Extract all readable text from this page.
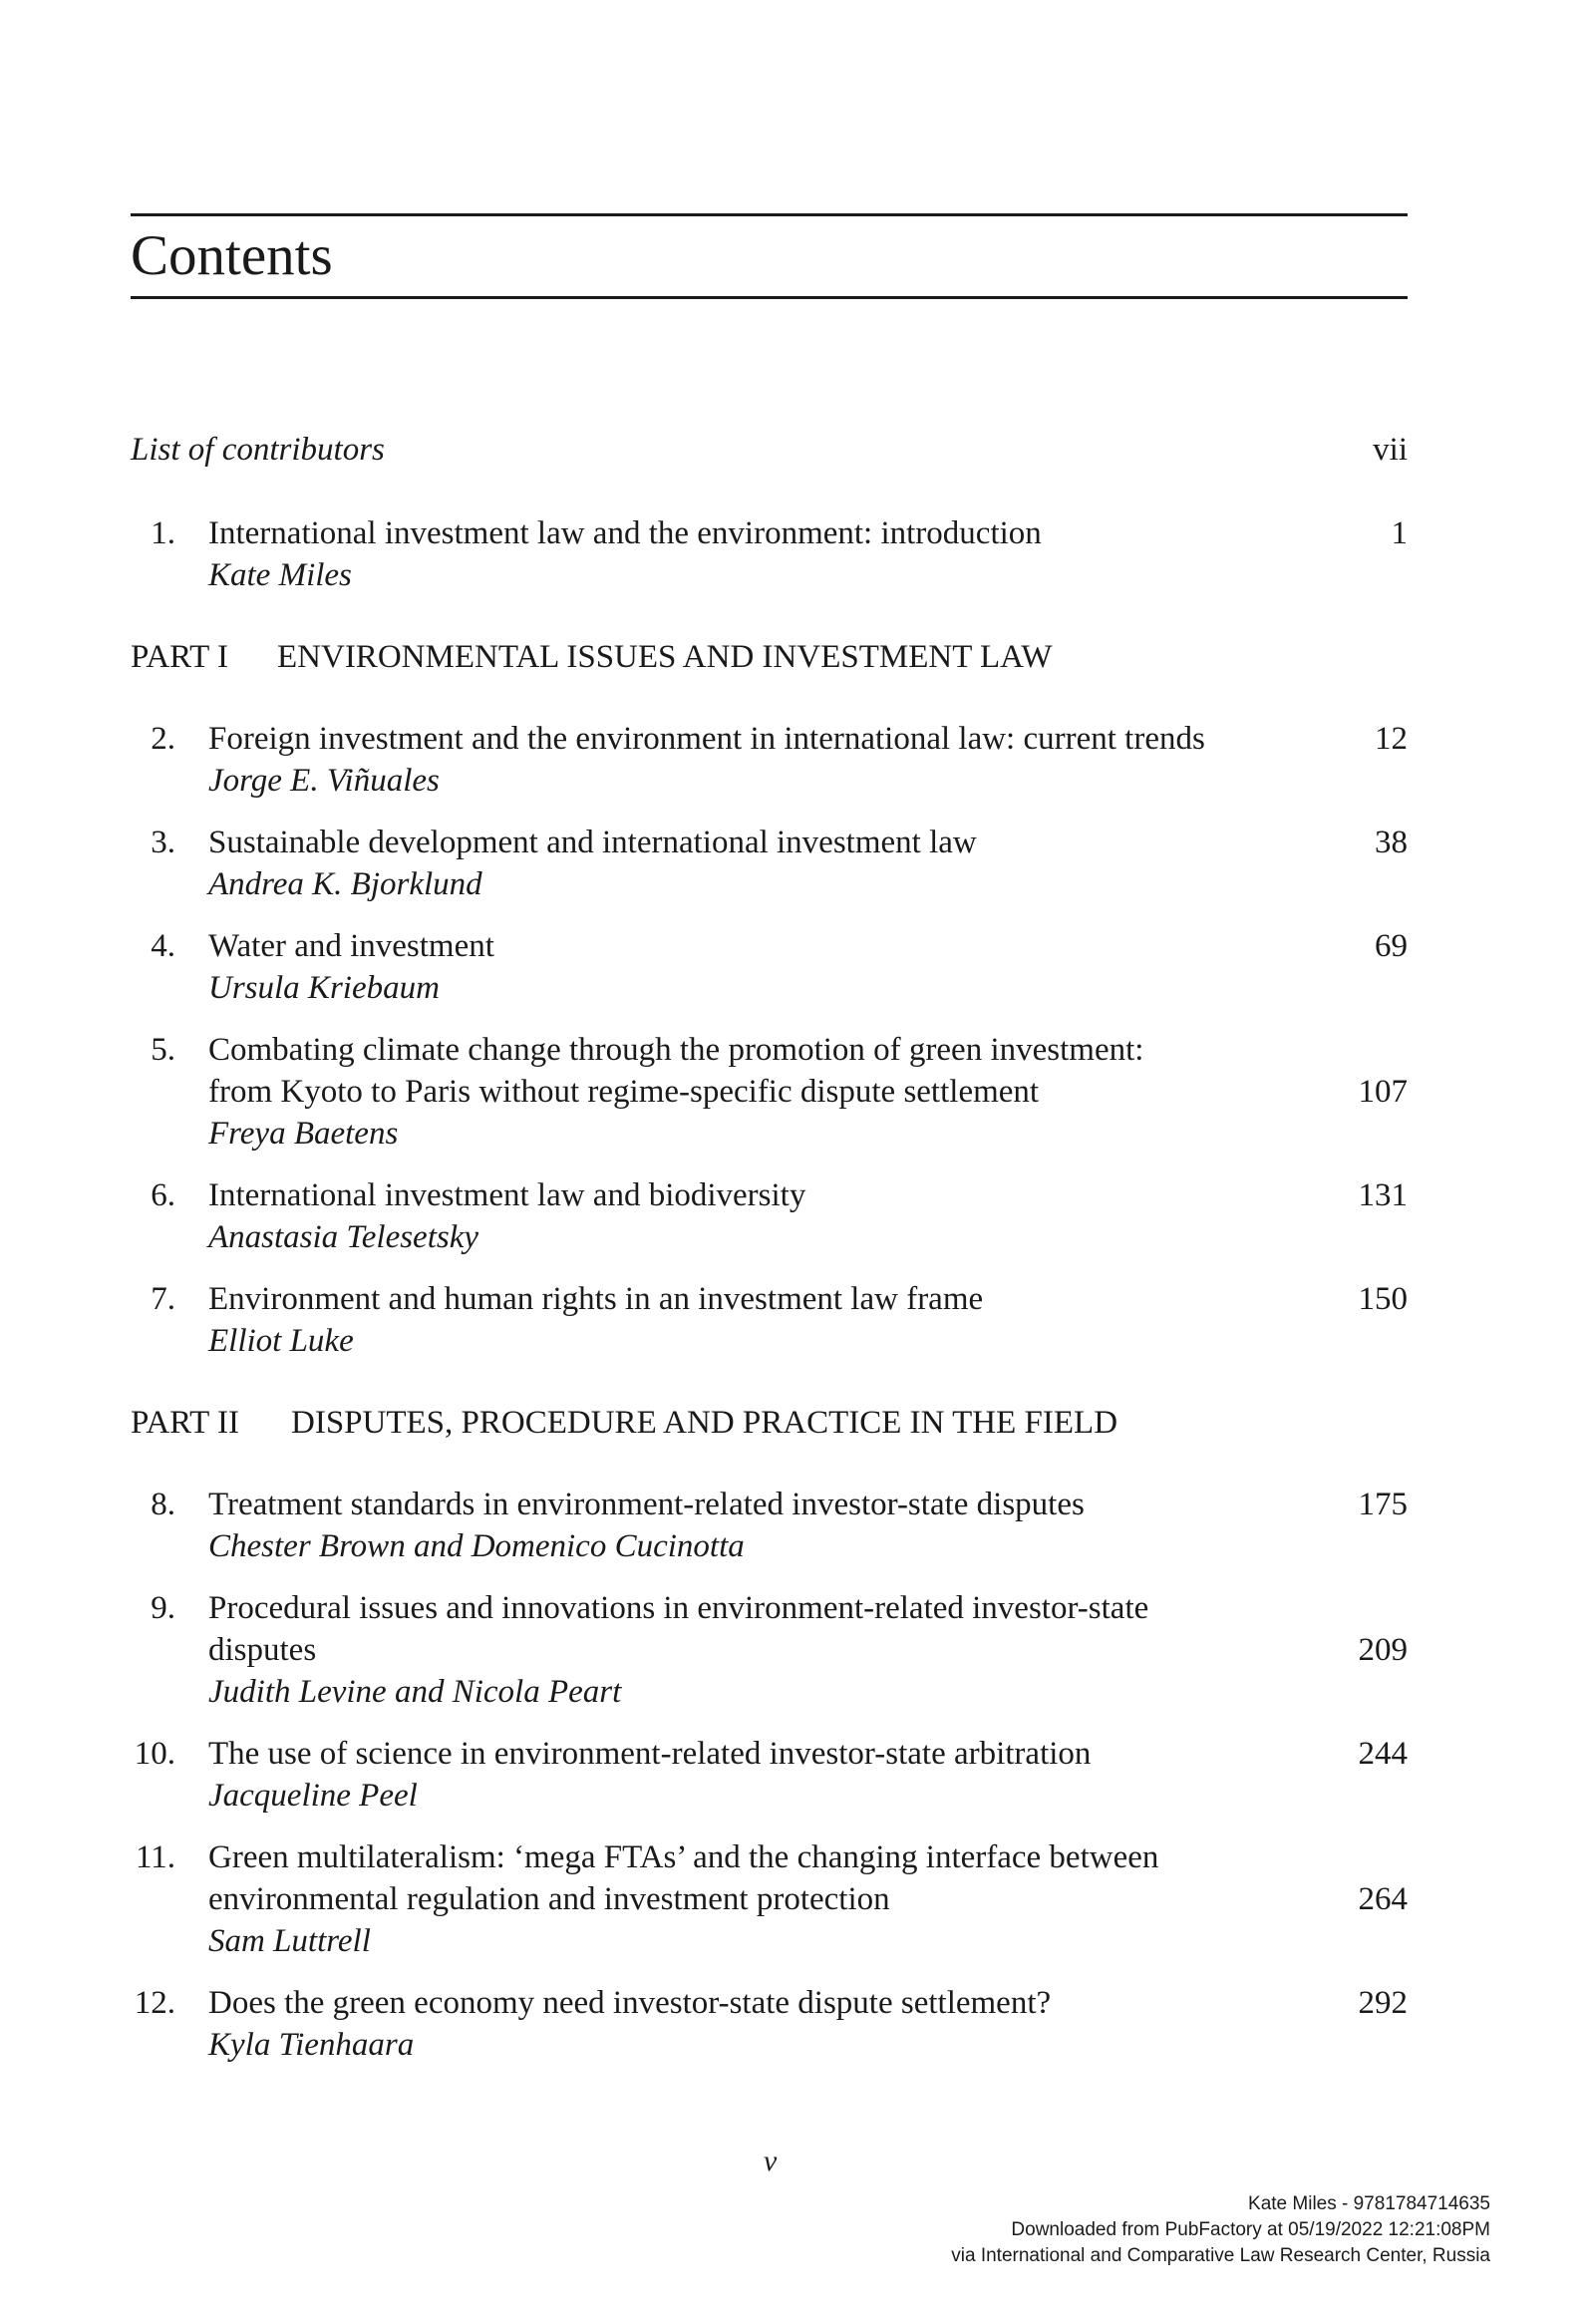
Contents
List of contributors	vii
1. International investment law and the environment: introduction	1
Kate Miles
PART I ENVIRONMENTAL ISSUES AND INVESTMENT LAW
2. Foreign investment and the environment in international law: current trends	12
Jorge E. Viñuales
3. Sustainable development and international investment law	38
Andrea K. Bjorklund
4. Water and investment	69
Ursula Kriebaum
5. Combating climate change through the promotion of green investment:
from Kyoto to Paris without regime-specific dispute settlement	107
Freya Baetens
6. International investment law and biodiversity	131
Anastasia Telesetsky
7. Environment and human rights in an investment law frame	150
Elliot Luke
PART II DISPUTES, PROCEDURE AND PRACTICE IN THE FIELD
8. Treatment standards in environment-related investor-state disputes	175
Chester Brown and Domenico Cucinotta
9. Procedural issues and innovations in environment-related investor-state
disputes	209
Judith Levine and Nicola Peart
10. The use of science in environment-related investor-state arbitration	244
Jacqueline Peel
11. Green multilateralism: ‘mega FTAs’ and the changing interface between
environmental regulation and investment protection	264
Sam Luttrell
12. Does the green economy need investor-state dispute settlement?	292
Kyla Tienhaara
v
Kate Miles - 9781784714635
Downloaded from PubFactory at 05/19/2022 12:21:08PM
via International and Comparative Law Research Center, Russia
